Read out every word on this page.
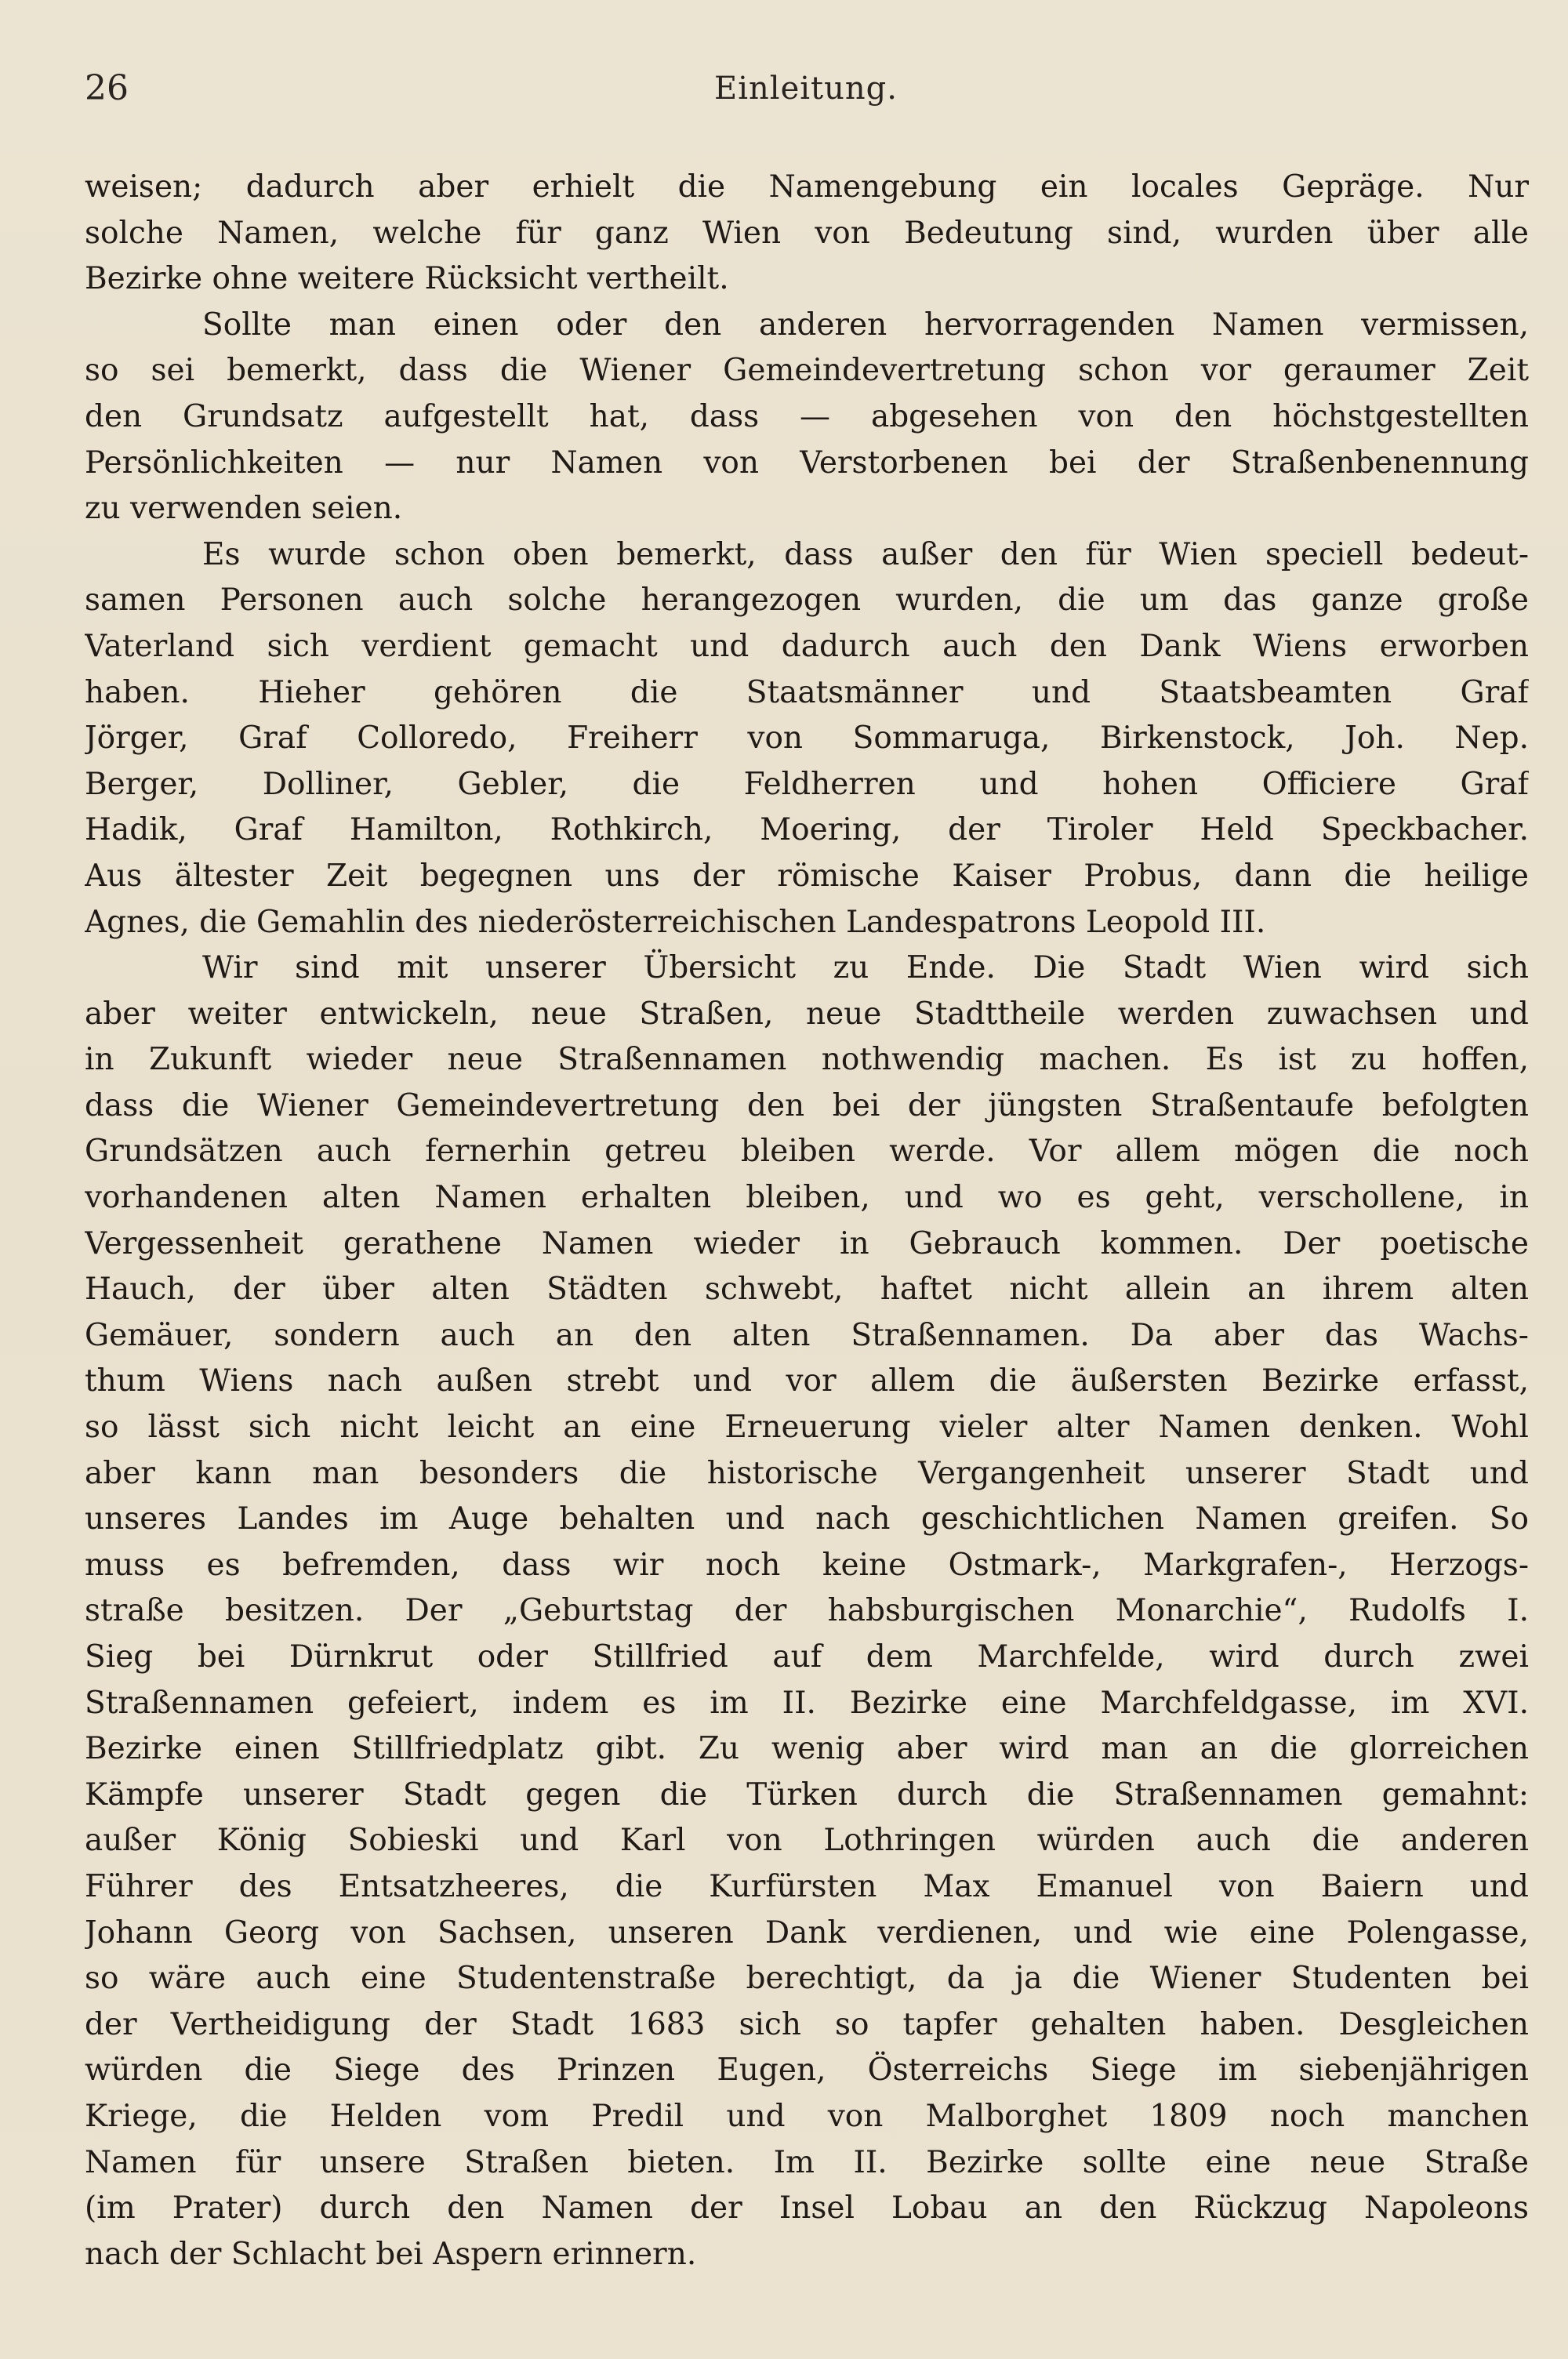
26	Einleitung.
weisen; dadurch aber erhielt die Namengebung ein locales Gepräge. Nur
solche Namen, welche für ganz Wien von Bedeutung sind, wurden über alle
Bezirke ohne weitere Rücksicht vertheilt.
Sollte man einen oder den anderen hervorragenden Namen vermissen,
so sei bemerkt, dass die Wiener Gemeindevertretung schon vor geraumer Zeit
den Grundsatz aufgestellt hat, dass — abgesehen von den höchstgestellten
Persönlichkeiten — nur Namen von Verstorbenen bei der Straßenbenennung
zu verwenden seien.
Es wurde schon oben bemerkt, dass außer den für Wien speciell bedeut-
samen Personen auch solche herangezogen wurden, die um das ganze große
Vaterland sich verdient gemacht und dadurch auch den Dank Wiens erworben
haben. Hieher gehören die Staatsmänner und Staatsbeamten Graf
Jörger, Graf Colloredo, Freiherr von Sommaruga, Birkenstock, Joh. Nep.
Berger, Dolliner, Gebler, die Feldherren und hohen Officiere Graf
Hadik, Graf Hamilton, Rothkirch, Moering, der Tiroler Held Speckbacher.
Aus ältester Zeit begegnen uns der römische Kaiser Probus, dann die heilige
Agnes, die Gemahlin des niederösterreichischen Landespatrons Leopold III.
Wir sind mit unserer Übersicht zu Ende. Die Stadt Wien wird sich
aber weiter entwickeln, neue Straßen, neue Stadttheile werden zuwachsen und
in Zukunft wieder neue Straßennamen nothwendig machen. Es ist zu hoffen,
dass die Wiener Gemeindevertretung den bei der jüngsten Straßentaufe befolgten
Grundsätzen auch fernerhin getreu bleiben werde. Vor allem mögen die noch
vorhandenen alten Namen erhalten bleiben, und wo es geht, verschollene, in
Vergessenheit gerathene Namen wieder in Gebrauch kommen. Der poetische
Hauch, der über alten Städten schwebt, haftet nicht allein an ihrem alten
Gemäuer, sondern auch an den alten Straßennamen. Da aber das Wachs-
thum Wiens nach außen strebt und vor allem die äußersten Bezirke erfasst,
so lässt sich nicht leicht an eine Erneuerung vieler alter Namen denken. Wohl
aber kann man besonders die historische Vergangenheit unserer Stadt und
unseres Landes im Auge behalten und nach geschichtlichen Namen greifen. So
muss es befremden, dass wir noch keine Ostmark-, Markgrafen-, Herzogs-
straße besitzen. Der „Geburtstag der habsburgischen Monarchie“, Rudolfs I.
Sieg bei Dürnkrut oder Stillfried auf dem Marchfelde, wird durch zwei
Straßennamen gefeiert, indem es im II. Bezirke eine Marchfeldgasse, im XVI.
Bezirke einen Stillfriedplatz gibt. Zu wenig aber wird man an die glorreichen
Kämpfe unserer Stadt gegen die Türken durch die Straßennamen gemahnt:
außer König Sobieski und Karl von Lothringen würden auch die anderen
Führer des Entsatzheeres, die Kurfürsten Max Emanuel von Baiern und
Johann Georg von Sachsen, unseren Dank verdienen, und wie eine Polengasse,
so wäre auch eine Studentenstraße berechtigt, da ja die Wiener Studenten bei
der Vertheidigung der Stadt 1683 sich so tapfer gehalten haben. Desgleichen
würden die Siege des Prinzen Eugen, Österreichs Siege im siebenjährigen
Kriege, die Helden vom Predil und von Malborghet 1809 noch manchen
Namen für unsere Straßen bieten. Im II. Bezirke sollte eine neue Straße
(im Prater) durch den Namen der Insel Lobau an den Rückzug Napoleons
nach der Schlacht bei Aspern erinnern.
